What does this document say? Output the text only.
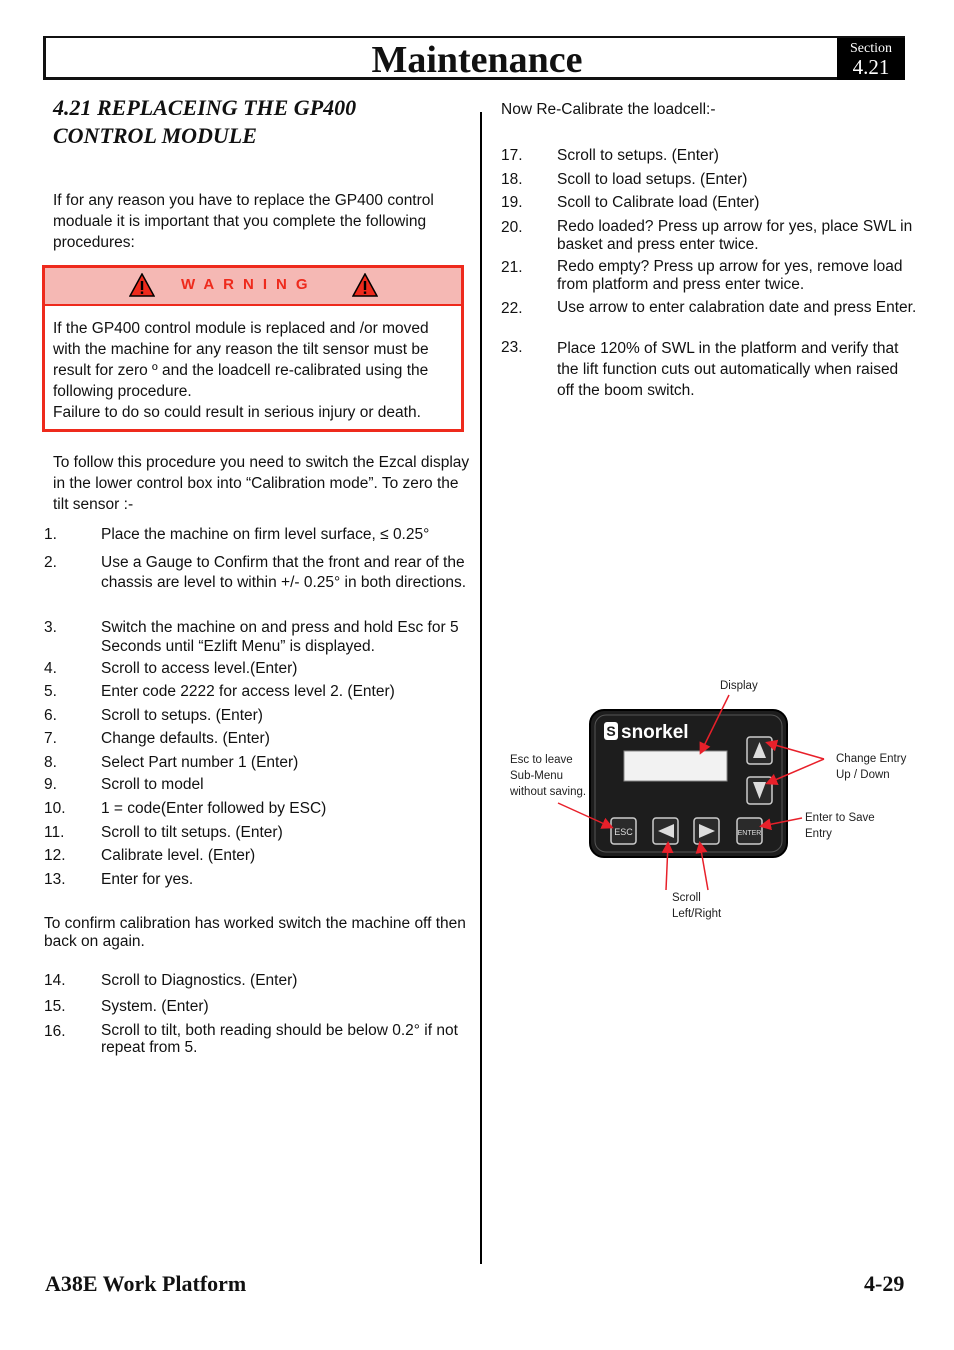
Maintenance	Section
4.21
4.21 REPLACEING THE GP400
CONTROL MODULE
If for any reason you have to replace the GP400 control moduale it is important that you complete the following procedures:
WARNING
If the GP400 control module is replaced and /or moved with the machine for any reason the tilt sensor must be result for zero º and the loadcell re-calibrated using the following procedure.
Failure to do so could result in serious injury or death.
To follow this procedure you need to switch the Ezcal display in the lower control box into “Calibration mode”. To zero the tilt sensor :-
1.	Place the machine on firm level surface, ≤ 0.25°
2.	Use a Gauge to Confirm that the front and rear of the chassis are level to within +/- 0.25° in both directions.
3.	Switch the machine on and press and hold Esc for 5 Seconds until “Ezlift Menu” is displayed.
4.	Scroll to access level.(Enter)
5.	Enter code 2222 for access level 2. (Enter)
6.	Scroll to setups. (Enter)
7.	Change defaults. (Enter)
8.	Select Part number 1 (Enter)
9.	Scroll to model
10. 1 = code(Enter followed by ESC)
11. Scroll to tilt setups. (Enter)
12. Calibrate level. (Enter)
13. Enter for yes.
To confirm calibration has worked switch the machine off then back on again.
14. Scroll to Diagnostics. (Enter)
15. System. (Enter)
16. Scroll to tilt, both reading should be below 0.2° if not repeat from 5.
Now Re-Calibrate the loadcell:-
17. Scroll to setups. (Enter)
18. Scoll to load setups. (Enter)
19. Scoll to Calibrate load (Enter)
20. Redo loaded? Press up arrow for yes, place SWL in basket and press enter twice.
21. Redo empty? Press up arrow for yes, remove load from platform and press enter twice.
22. Use arrow to enter calabration date and press Enter.
23. Place 120% of SWL in the platform and verify that the lift function cuts out automatically when raised off the boom switch.
S snorkel
ESC	ENTER
Display
Esc to leave
Sub-Menu
without saving.
Change Entry
Up / Down
Enter to Save
Entry
Scroll
Left/Right
A38E Work Platform	4-29
